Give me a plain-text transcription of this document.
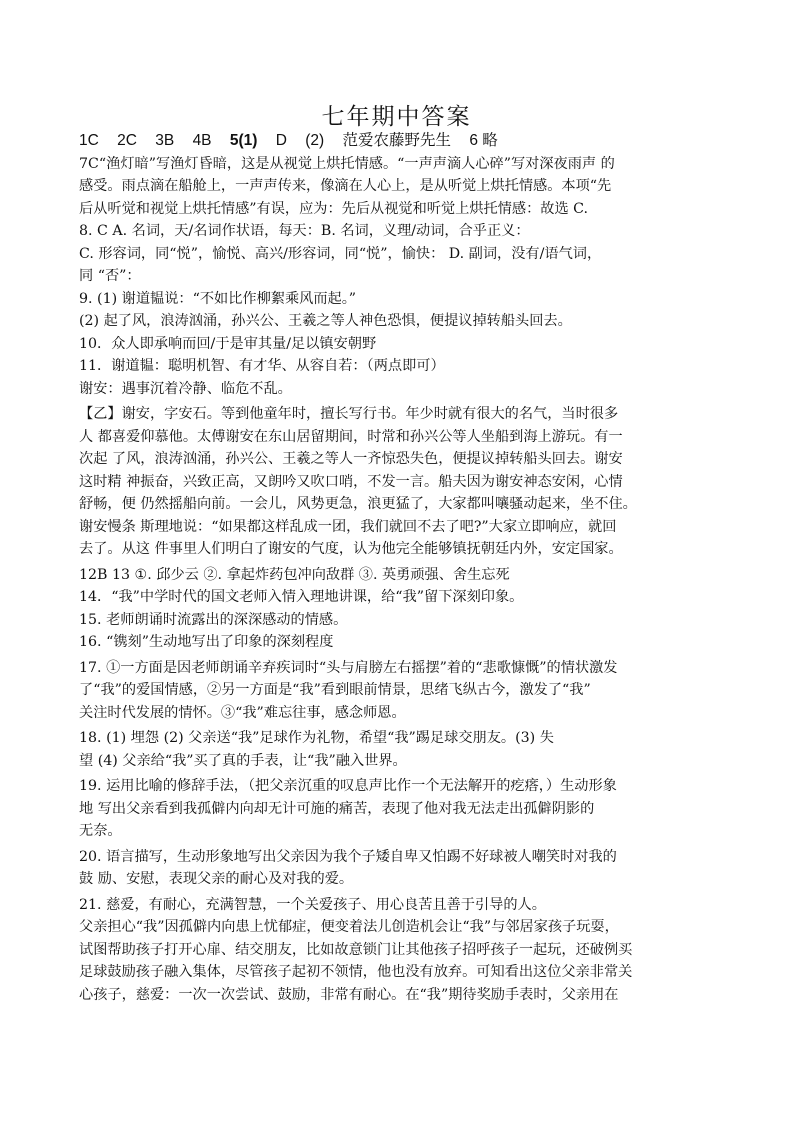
七年期中答案
1C 2C 3B 4B 5(1) D (2) 范爱农藤野先生 6 略
7C“渔灯暗”写渔灯昏暗，这是从视觉上烘托情感。“一声声滴人心碎”写对深夜雨声 的
感受。雨点滴在船舱上，一声声传来，像滴在人心上，是从听觉上烘托情感。本项“先
后从听觉和视觉上烘托情感”有误，应为：先后从视觉和听觉上烘托情感：故选 C.
8. C A. 名词，天/名词作状语，每天：B. 名词，义理/动词，合乎正义：
C. 形容词，同“悦”，愉悦、高兴/形容词，同“悦”，愉快： D. 副词，没有/语气词，
同 “否”：
9. (1) 谢道韫说：“不如比作柳絮乘风而起。”
(2) 起了风，浪涛汹涌，孙兴公、王羲之等人神色恐惧，便提议掉转船头回去。
10．众人即承响而回/于是审其量/足以镇安朝野
11．谢道韫：聪明机智、有才华、从容自若：（两点即可）
谢安：遇事沉着冷静、临危不乱。
【乙】谢安，字安石。等到他童年时，擅长写行书。年少时就有很大的名气，当时很多
人 都喜爱仰慕他。太傅谢安在东山居留期间，时常和孙兴公等人坐船到海上游玩。有一
次起 了风，浪涛汹涌，孙兴公、王羲之等人一齐惊恐失色，便提议掉转船头回去。谢安
这时精 神振奋，兴致正高，又朗吟又吹口哨，不发一言。船夫因为谢安神态安闲，心情
舒畅，便 仍然摇船向前。一会儿，风势更急，浪更猛了，大家都叫嚷骚动起来，坐不住。
谢安慢条 斯理地说：“如果都这样乱成一团，我们就回不去了吧?”大家立即响应，就回
去了。从这 件事里人们明白了谢安的气度，认为他完全能够镇抚朝廷内外，安定国家。
12B 13 ①. 邱少云 ②. 拿起炸药包冲向敌群 ③. 英勇顽强、舍生忘死
14．“我”中学时代的国文老师入情入理地讲课，给“我”留下深刻印象。
15. 老师朗诵时流露出的深深感动的情感。
16. “镌刻”生动地写出了印象的深刻程度
17. ①一方面是因老师朗诵辛弃疾词时“头与肩膀左右摇摆”着的“悲歌慷慨”的情状激发
了“我”的爱国情感，②另一方面是“我”看到眼前情景，思绪飞纵古今，激发了“我”
关注时代发展的情怀。③“我”难忘往事，感念师恩。
18. (1) 埋怨 (2) 父亲送“我”足球作为礼物，希望“我”踢足球交朋友。(3) 失
望 (4) 父亲给“我”买了真的手表，让“我”融入世界。
19. 运用比喻的修辞手法，（把父亲沉重的叹息声比作一个无法解开的疙瘩，）生动形象
地 写出父亲看到我孤僻内向却无计可施的痛苦，表现了他对我无法走出孤僻阴影的
无奈。
20. 语言描写，生动形象地写出父亲因为我个子矮自卑又怕踢不好球被人嘲笑时对我的
鼓 励、安慰，表现父亲的耐心及对我的爱。
21. 慈爱，有耐心，充满智慧，一个关爱孩子、用心良苦且善于引导的人。
父亲担心“我”因孤僻内向患上忧郁症，便变着法儿创造机会让“我”与邻居家孩子玩耍，
试图帮助孩子打开心扉、结交朋友，比如故意锁门让其他孩子招呼孩子一起玩，还破例买
足球鼓励孩子融入集体，尽管孩子起初不领情，他也没有放弃。可知看出这位父亲非常关
心孩子，慈爱：一次一次尝试、鼓励，非常有耐心。在“我”期待奖励手表时，父亲用在
